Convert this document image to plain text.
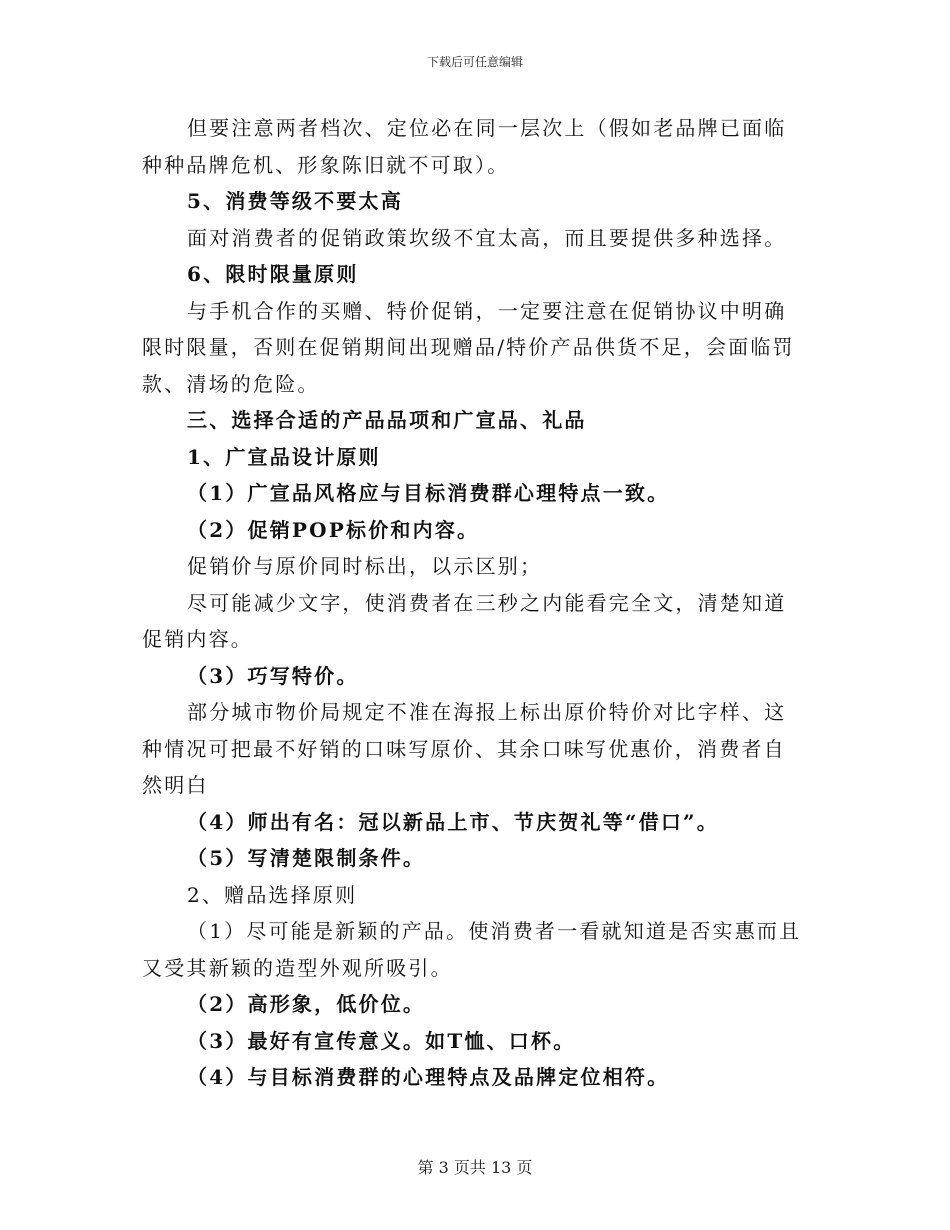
下载后可任意编辑

但要注意两者档次、定位必在同一层次上（假如老品牌已面临种种品牌危机、形象陈旧就不可取）。

5、消费等级不要太高

面对消费者的促销政策坎级不宜太高，而且要提供多种选择。

6、限时限量原则

与手机合作的买赠、特价促销，一定要注意在促销协议中明确限时限量，否则在促销期间出现赠品/特价产品供货不足，会面临罚款、清场的危险。

三、选择合适的产品品项和广宣品、礼品

1、广宣品设计原则

（1）广宣品风格应与目标消费群心理特点一致。

（2）促销POP标价和内容。

促销价与原价同时标出，以示区别；

尽可能减少文字，使消费者在三秒之内能看完全文，清楚知道促销内容。

（3）巧写特价。

部分城市物价局规定不准在海报上标出原价特价对比字样、这种情况可把最不好销的口味写原价、其余口味写优惠价，消费者自然明白

（4）师出有名：冠以新品上市、节庆贺礼等“借口”。

（5）写清楚限制条件。

2、赠品选择原则

（1）尽可能是新颖的产品。使消费者一看就知道是否实惠而且又受其新颖的造型外观所吸引。

（2）高形象，低价位。

（3）最好有宣传意义。如T恤、口杯。

（4）与目标消费群的心理特点及品牌定位相符。

第 3 页共 13 页
